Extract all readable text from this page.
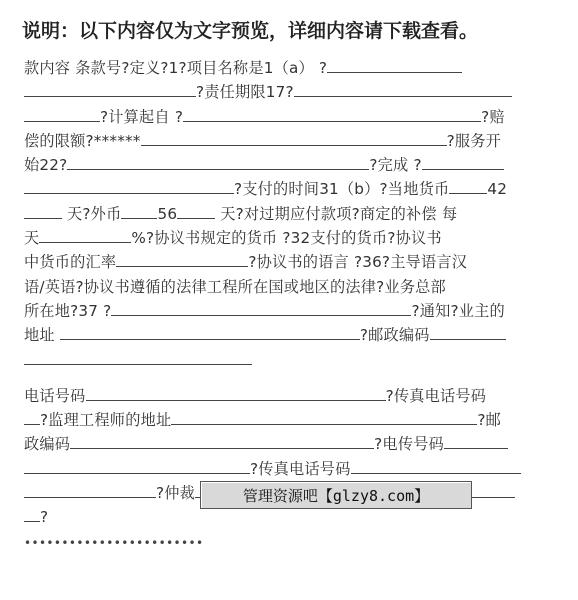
说明：以下内容仅为文字预览，详细内容请下载查看。
款内容 条款号?定义?1?项目名称是1（a） ?
?责任期限17?
?计算起自 ?	?赔
偿的限额?******	?服务开
始22?	?完成 ?
?支付的时间31（b）?当地货币	42
天?外币 56	天?对过期应付款项?商定的补偿 每
天	%?协议书规定的货币 ?32支付的货币?协议书
中货币的汇率	?协议书的语言 ?36?主导语言汉
语/英语?协议书遵循的法律工程所在国或地区的法律?业务总部
所在地?37 ?	?通知?业主的
地址	?邮政编码
电话号码	?传真电话号码
?监理工程师的地址	?邮
政编码	?电传号码
?传真电话号码
?仲裁
?
••••••••••••••••••••••••
管理资源吧【glzy8.com】
